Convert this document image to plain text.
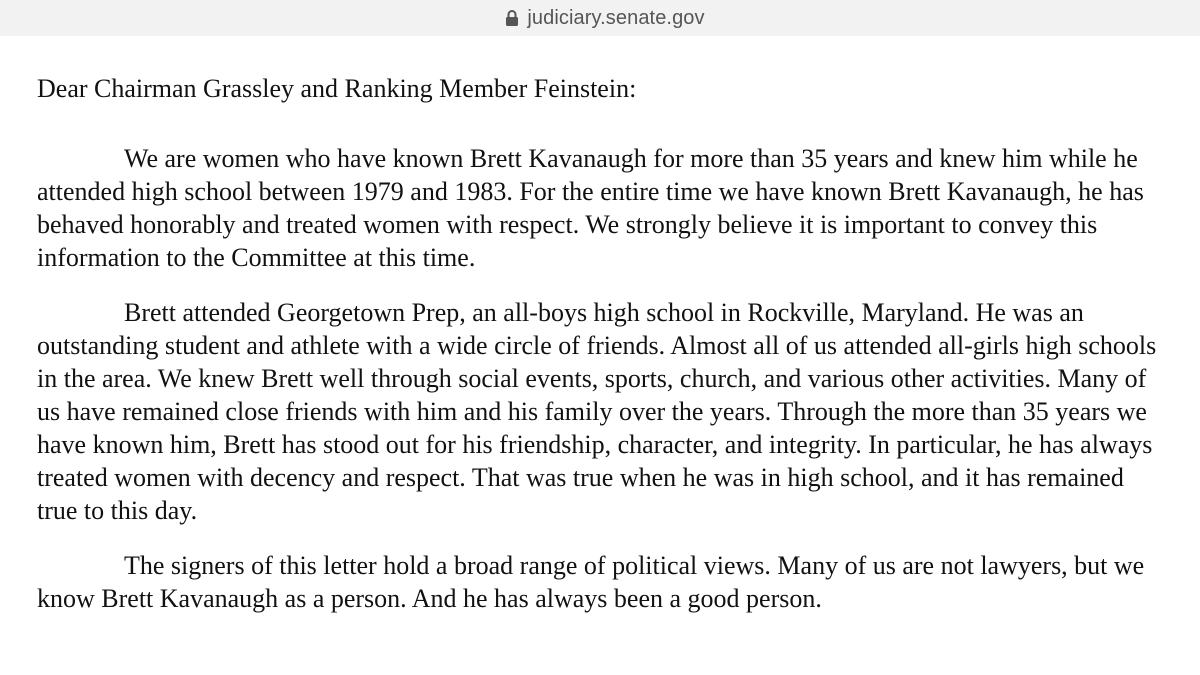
judiciary.senate.gov

Dear Chairman Grassley and Ranking Member Feinstein:

We are women who have known Brett Kavanaugh for more than 35 years and knew him while he attended high school between 1979 and 1983. For the entire time we have known Brett Kavanaugh, he has behaved honorably and treated women with respect. We strongly believe it is important to convey this information to the Committee at this time.

Brett attended Georgetown Prep, an all-boys high school in Rockville, Maryland. He was an outstanding student and athlete with a wide circle of friends. Almost all of us attended all-girls high schools in the area. We knew Brett well through social events, sports, church, and various other activities. Many of us have remained close friends with him and his family over the years. Through the more than 35 years we have known him, Brett has stood out for his friendship, character, and integrity. In particular, he has always treated women with decency and respect. That was true when he was in high school, and it has remained true to this day.

The signers of this letter hold a broad range of political views. Many of us are not lawyers, but we know Brett Kavanaugh as a person. And he has always been a good person.
